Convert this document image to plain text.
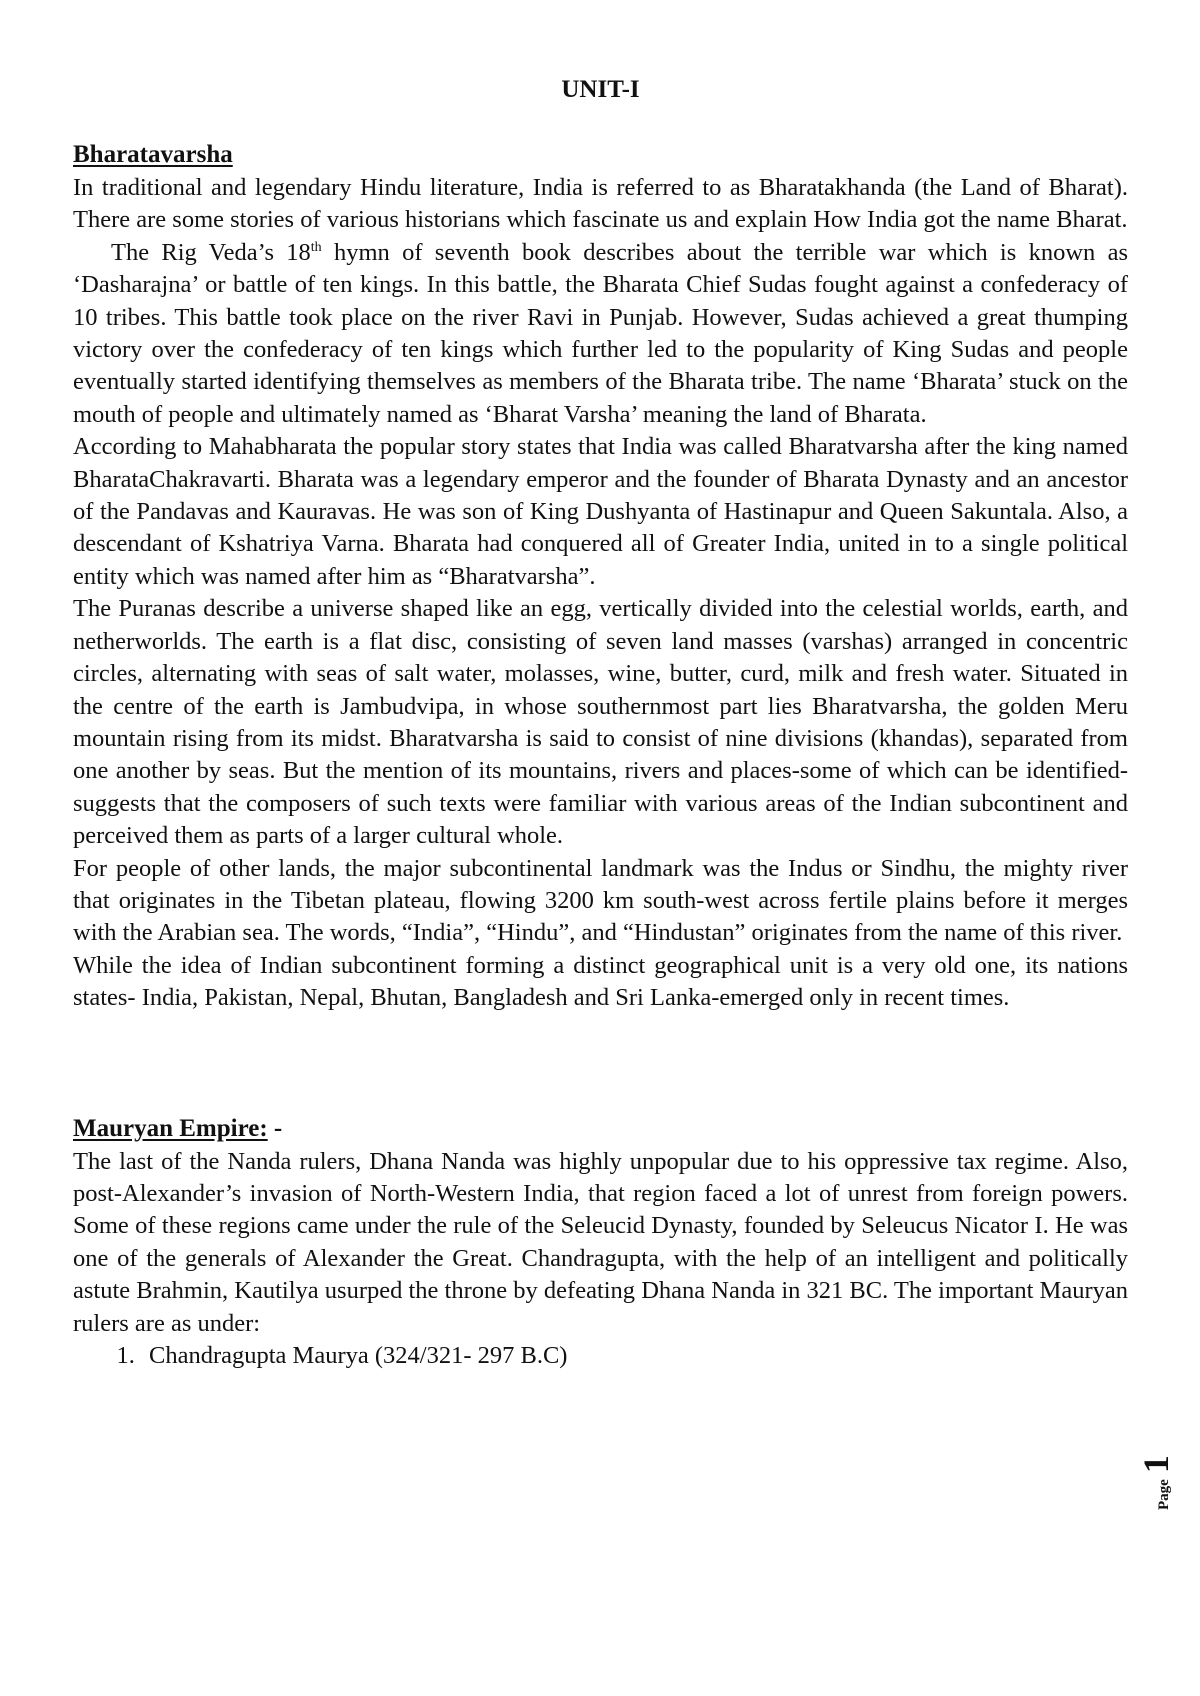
UNIT-I
Bharatavarsha

In traditional and legendary Hindu literature, India is referred to as Bharatakhanda (the Land of Bharat). There are some stories of various historians which fascinate us and explain How India got the name Bharat.

The Rig Veda’s 18th hymn of seventh book describes about the terrible war which is known as ‘Dasharajna’ or battle of ten kings. In this battle, the Bharata Chief Sudas fought against a confederacy of 10 tribes. This battle took place on the river Ravi in Punjab. However, Sudas achieved a great thumping victory over the confederacy of ten kings which further led to the popularity of King Sudas and people eventually started identifying themselves as members of the Bharata tribe. The name ‘Bharata’ stuck on the mouth of people and ultimately named as ‘Bharat Varsha’ meaning the land of Bharata.

According to Mahabharata the popular story states that India was called Bharatvarsha after the king named BharataChakravarti. Bharata was a legendary emperor and the founder of Bharata Dynasty and an ancestor of the Pandavas and Kauravas. He was son of King Dushyanta of Hastinapur and Queen Sakuntala. Also, a descendant of Kshatriya Varna. Bharata had conquered all of Greater India, united in to a single political entity which was named after him as “Bharatvarsha”.

The Puranas describe a universe shaped like an egg, vertically divided into the celestial worlds, earth, and netherworlds. The earth is a flat disc, consisting of seven land masses (varshas) arranged in concentric circles, alternating with seas of salt water, molasses, wine, butter, curd, milk and fresh water. Situated in the centre of the earth is Jambudvipa, in whose southernmost part lies Bharatvarsha, the golden Meru mountain rising from its midst. Bharatvarsha is said to consist of nine divisions (khandas), separated from one another by seas. But the mention of its mountains, rivers and places-some of which can be identified-suggests that the composers of such texts were familiar with various areas of the Indian subcontinent and perceived them as parts of a larger cultural whole.

For people of other lands, the major subcontinental landmark was the Indus or Sindhu, the mighty river that originates in the Tibetan plateau, flowing 3200 km south-west across fertile plains before it merges with the Arabian sea. The words, “India”, “Hindu”, and “Hindustan” originates from the name of this river.

While the idea of Indian subcontinent forming a distinct geographical unit is a very old one, its nations states- India, Pakistan, Nepal, Bhutan, Bangladesh and Sri Lanka-emerged only in recent times.

Mauryan Empire: -

The last of the Nanda rulers, Dhana Nanda was highly unpopular due to his oppressive tax regime. Also, post-Alexander’s invasion of North-Western India, that region faced a lot of unrest from foreign powers. Some of these regions came under the rule of the Seleucid Dynasty, founded by Seleucus Nicator I. He was one of the generals of Alexander the Great. Chandragupta, with the help of an intelligent and politically astute Brahmin, Kautilya usurped the throne by defeating Dhana Nanda in 321 BC. The important Mauryan rulers are as under:

1. Chandragupta Maurya (324/321- 297 B.C)
Page
1
